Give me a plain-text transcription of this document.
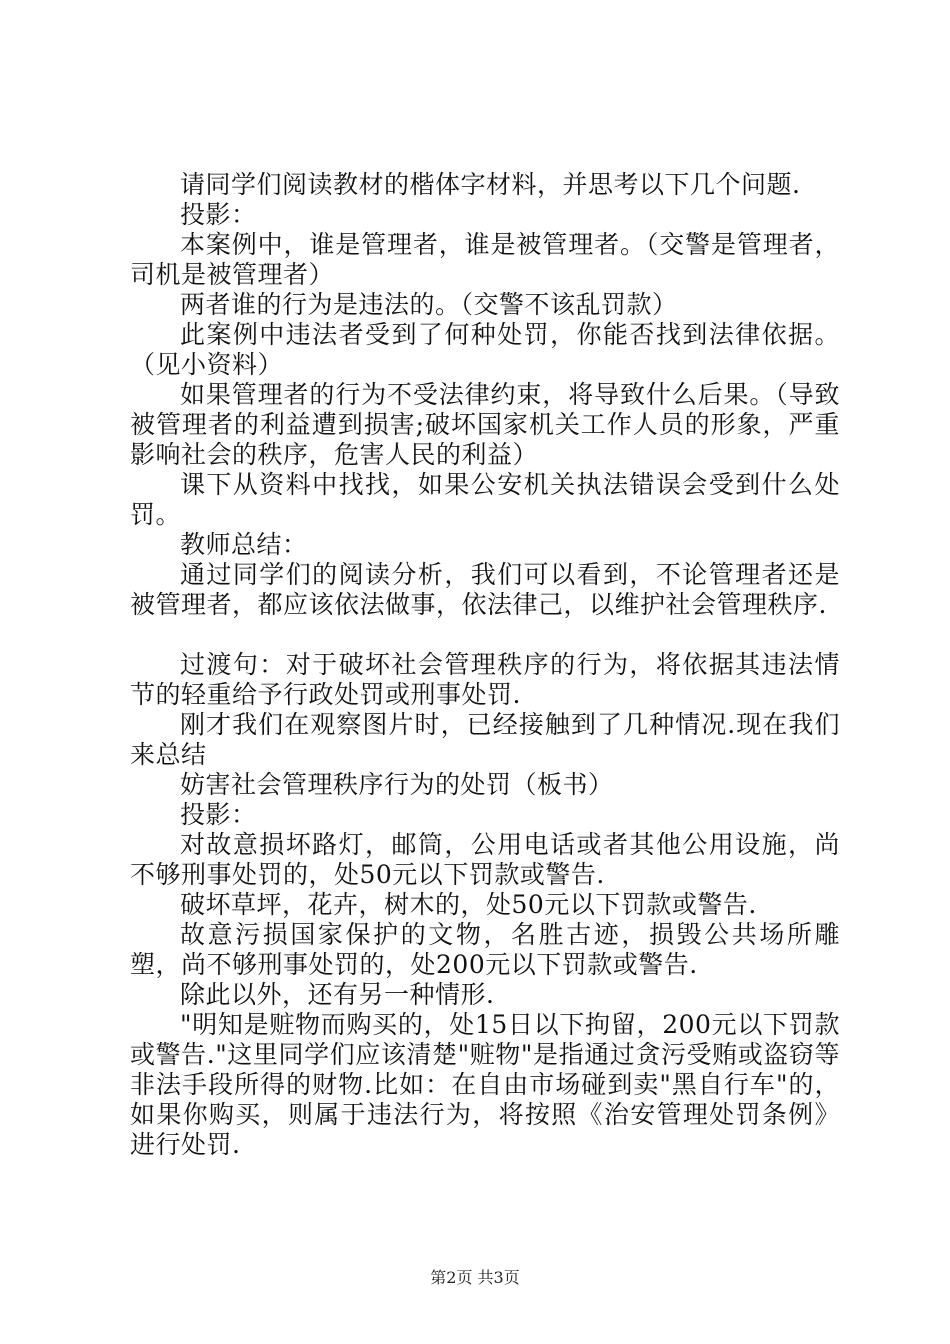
请同学们阅读教材的楷体字材料，并思考以下几个问题.

投影：

本案例中，谁是管理者，谁是被管理者。（交警是管理者，司机是被管理者）

两者谁的行为是违法的。（交警不该乱罚款）

此案例中违法者受到了何种处罚，你能否找到法律依据。（见小资料）

如果管理者的行为不受法律约束，将导致什么后果。（导致被管理者的利益遭到损害;破坏国家机关工作人员的形象，严重影响社会的秩序，危害人民的利益）

课下从资料中找找，如果公安机关执法错误会受到什么处罚。

教师总结：

通过同学们的阅读分析，我们可以看到，不论管理者还是被管理者，都应该依法做事，依法律己，以维护社会管理秩序.

过渡句：对于破坏社会管理秩序的行为，将依据其违法情节的轻重给予行政处罚或刑事处罚.

刚才我们在观察图片时，已经接触到了几种情况.现在我们来总结

妨害社会管理秩序行为的处罚（板书）

投影：

对故意损坏路灯，邮筒，公用电话或者其他公用设施，尚不够刑事处罚的，处50元以下罚款或警告.

破坏草坪，花卉，树木的，处50元以下罚款或警告.

故意污损国家保护的文物，名胜古迹，损毁公共场所雕塑，尚不够刑事处罚的，处200元以下罚款或警告.

除此以外，还有另一种情形.

"明知是赃物而购买的，处15日以下拘留，200元以下罚款或警告."这里同学们应该清楚"赃物"是指通过贪污受贿或盗窃等非法手段所得的财物.比如：在自由市场碰到卖"黑自行车"的，如果你购买，则属于违法行为，将按照《治安管理处罚条例》进行处罚.

第2页 共3页
